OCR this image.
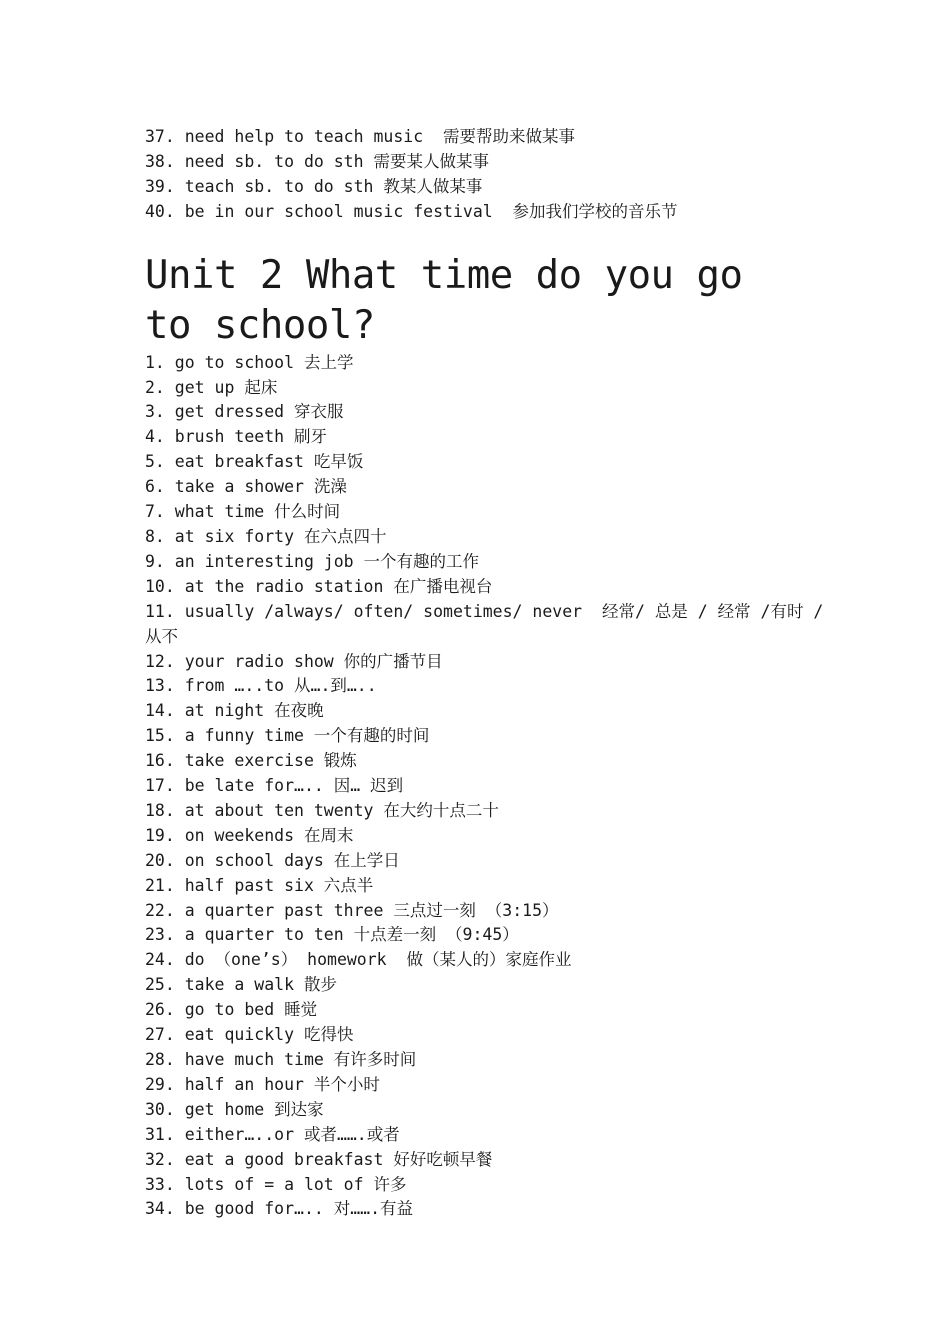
37. need help to teach music  需要帮助来做某事
38. need sb. to do sth 需要某人做某事
39. teach sb. to do sth 教某人做某事
40. be in our school music festival  参加我们学校的音乐节
Unit 2 What time do you go to school?
1. go to school 去上学
2. get up 起床
3. get dressed 穿衣服
4. brush teeth 刷牙
5. eat breakfast 吃早饭
6. take a shower 洗澡
7. what time 什么时间
8. at six forty 在六点四十
9. an interesting job 一个有趣的工作
10. at the radio station 在广播电视台
11. usually /always/ often/ sometimes/ never  经常/ 总是 / 经常 /有时 / 从不
12. your radio show 你的广播节目
13. from …..to 从….到…..
14. at night 在夜晚
15. a funny time 一个有趣的时间
16. take exercise 锻炼
17. be late for….. 因… 迟到
18. at about ten twenty 在大约十点二十
19. on weekends 在周末
20. on school days 在上学日
21. half past six 六点半
22. a quarter past three 三点过一刻 （3:15）
23. a quarter to ten 十点差一刻 （9:45）
24. do （one’s） homework  做（某人的）家庭作业
25. take a walk 散步
26. go to bed 睡觉
27. eat quickly 吃得快
28. have much time 有许多时间
29. half an hour 半个小时
30. get home 到达家
31. either…..or 或者…….或者
32. eat a good breakfast 好好吃顿早餐
33. lots of = a lot of 许多
34. be good for….. 对…….有益
